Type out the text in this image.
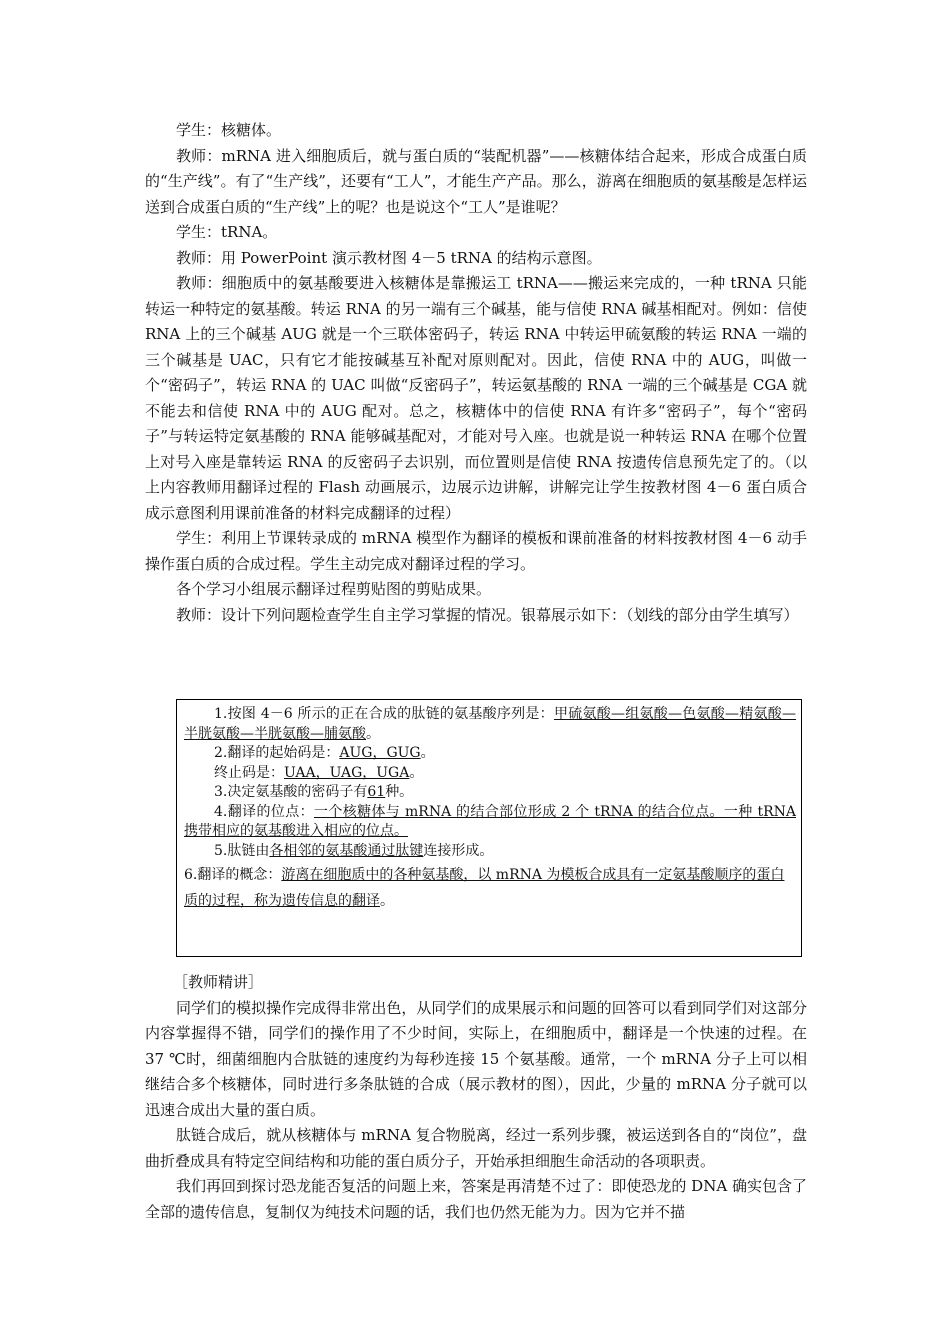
学生：核糖体。

教师：mRNA 进入细胞质后，就与蛋白质的“装配机器”——核糖体结合起来，形成合成蛋白质的“生产线”。有了“生产线”，还要有“工人”，才能生产产品。那么，游离在细胞质的氨基酸是怎样运送到合成蛋白质的“生产线”上的呢？也是说这个“工人”是谁呢？

学生：tRNA。

教师：用 PowerPoint 演示教材图 4－5 tRNA 的结构示意图。

教师：细胞质中的氨基酸要进入核糖体是靠搬运工 tRNA——搬运来完成的，一种 tRNA 只能转运一种特定的氨基酸。转运 RNA 的另一端有三个碱基，能与信使 RNA 碱基相配对。例如：信使 RNA 上的三个碱基 AUG 就是一个三联体密码子，转运 RNA 中转运甲硫氨酸的转运 RNA 一端的三个碱基是 UAC，只有它才能按碱基互补配对原则配对。因此，信使 RNA 中的 AUG，叫做一个“密码子”，转运 RNA 的 UAC 叫做“反密码子”，转运氨基酸的 RNA 一端的三个碱基是 CGA 就不能去和信使 RNA 中的 AUG 配对。总之，核糖体中的信使 RNA 有许多“密码子”，每个“密码子”与转运特定氨基酸的 RNA 能够碱基配对，才能对号入座。也就是说一种转运 RNA 在哪个位置上对号入座是靠转运 RNA 的反密码子去识别，而位置则是信使 RNA 按遗传信息预先定了的。（以上内容教师用翻译过程的 Flash 动画展示，边展示边讲解，讲解完让学生按教材图 4－6 蛋白质合成示意图利用课前准备的材料完成翻译的过程）

学生：利用上节课转录成的 mRNA 模型作为翻译的模板和课前准备的材料按教材图 4－6 动手操作蛋白质的合成过程。学生主动完成对翻译过程的学习。

各个学习小组展示翻译过程剪贴图的剪贴成果。

教师：设计下列问题检查学生自主学习掌握的情况。银幕展示如下：（划线的部分由学生填写）

1.按图 4－6 所示的正在合成的肽链的氨基酸序列是：甲硫氨酸—组氨酸—色氨酸—精氨酸—半胱氨酸—半胱氨酸—脯氨酸。

2.翻译的起始码是：AUG，GUG。

终止码是：UAA，UAG，UGA。

3.决定氨基酸的密码子有61种。

4.翻译的位点：一个核糖体与 mRNA 的结合部位形成 2 个 tRNA 的结合位点。一种 tRNA 携带相应的氨基酸进入相应的位点。

5.肽链由各相邻的氨基酸通过肽键连接形成。

6.翻译的概念：游离在细胞质中的各种氨基酸，以 mRNA 为模板合成具有一定氨基酸顺序的蛋白质的过程，称为遗传信息的翻译。

［教师精讲］

同学们的模拟操作完成得非常出色，从同学们的成果展示和问题的回答可以看到同学们对这部分内容掌握得不错，同学们的操作用了不少时间，实际上，在细胞质中，翻译是一个快速的过程。在 37 ℃时，细菌细胞内合肽链的速度约为每秒连接 15 个氨基酸。通常，一个 mRNA 分子上可以相继结合多个核糖体，同时进行多条肽链的合成（展示教材的图），因此，少量的 mRNA 分子就可以迅速合成出大量的蛋白质。

肽链合成后，就从核糖体与 mRNA 复合物脱离，经过一系列步骤，被运送到各自的“岗位”，盘曲折叠成具有特定空间结构和功能的蛋白质分子，开始承担细胞生命活动的各项职责。

我们再回到探讨恐龙能否复活的问题上来，答案是再清楚不过了：即使恐龙的 DNA 确实包含了全部的遗传信息，复制仅为纯技术问题的话，我们也仍然无能为力。因为它并不描
